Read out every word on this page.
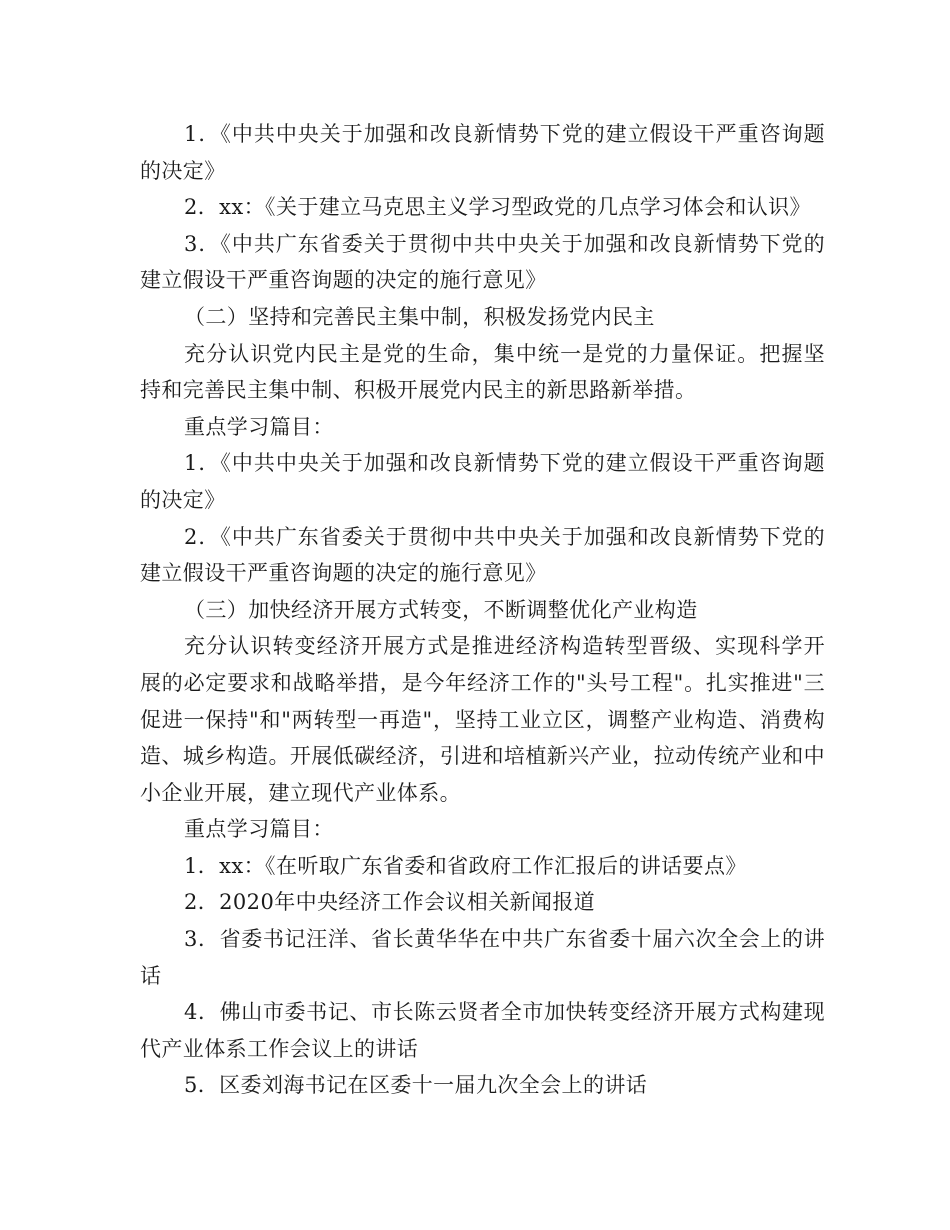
1．《中共中央关于加强和改良新情势下党的建立假设干严重咨询题的决定》

2．xx：《关于建立马克思主义学习型政党的几点学习体会和认识》

3．《中共广东省委关于贯彻中共中央关于加强和改良新情势下党的建立假设干严重咨询题的决定的施行意见》

（二）坚持和完善民主集中制，积极发扬党内民主

充分认识党内民主是党的生命，集中统一是党的力量保证。把握坚持和完善民主集中制、积极开展党内民主的新思路新举措。

重点学习篇目：

1．《中共中央关于加强和改良新情势下党的建立假设干严重咨询题的决定》

2．《中共广东省委关于贯彻中共中央关于加强和改良新情势下党的建立假设干严重咨询题的决定的施行意见》

（三）加快经济开展方式转变，不断调整优化产业构造

充分认识转变经济开展方式是推进经济构造转型晋级、实现科学开展的必定要求和战略举措，是今年经济工作的"头号工程"。扎实推进"三促进一保持"和"两转型一再造"，坚持工业立区，调整产业构造、消费构造、城乡构造。开展低碳经济，引进和培植新兴产业，拉动传统产业和中小企业开展，建立现代产业体系。

重点学习篇目：

1．xx：《在听取广东省委和省政府工作汇报后的讲话要点》

2．2020年中央经济工作会议相关新闻报道

3．省委书记汪洋、省长黄华华在中共广东省委十届六次全会上的讲话

4．佛山市委书记、市长陈云贤者全市加快转变经济开展方式构建现代产业体系工作会议上的讲话

5．区委刘海书记在区委十一届九次全会上的讲话
